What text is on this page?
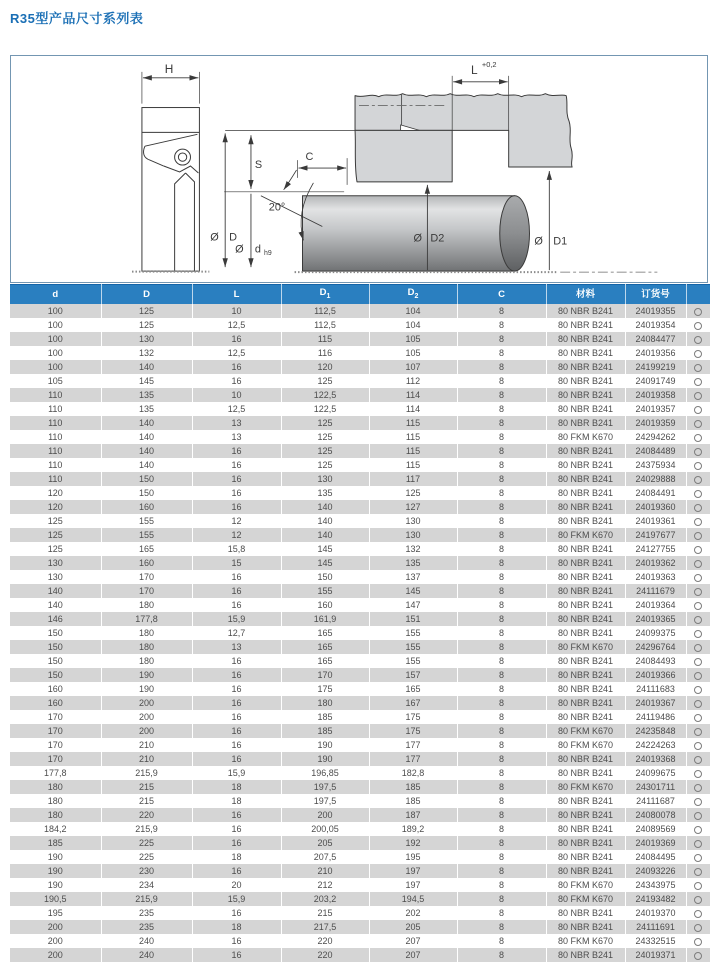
R35型产品尺寸系列表
L +0,2
Ø D2	Ø D1
H
Ø D
S
Ø d $_{h9}$
20°
C
d	D	L	$D_1$	$D_2$	C	材料	订货号	
100	125	10	112,5	104	8	80 NBR B241	24019355	
100	125	12,5	112,5	104	8	80 NBR B241	24019354	
100	130	16	115	105	8	80 NBR B241	24084477	
100	132	12,5	116	105	8	80 NBR B241	24019356	
100	140	16	120	107	8	80 NBR B241	24199219	
105	145	16	125	112	8	80 NBR B241	24091749	
110	135	10	122,5	114	8	80 NBR B241	24019358	
110	135	12,5	122,5	114	8	80 NBR B241	24019357	
110	140	13	125	115	8	80 NBR B241	24019359	
110	140	13	125	115	8	80 FKM K670	24294262	
110	140	16	125	115	8	80 NBR B241	24084489	
110	140	16	125	115	8	80 NBR B241	24375934	
110	150	16	130	117	8	80 NBR B241	24029888	
120	150	16	135	125	8	80 NBR B241	24084491	
120	160	16	140	127	8	80 NBR B241	24019360	
125	155	12	140	130	8	80 NBR B241	24019361	
125	155	12	140	130	8	80 FKM K670	24197677	
125	165	15,8	145	132	8	80 NBR B241	24127755	
130	160	15	145	135	8	80 NBR B241	24019362	
130	170	16	150	137	8	80 NBR B241	24019363	
140	170	16	155	145	8	80 NBR B241	24111679	
140	180	16	160	147	8	80 NBR B241	24019364	
146	177,8	15,9	161,9	151	8	80 NBR B241	24019365	
150	180	12,7	165	155	8	80 NBR B241	24099375	
150	180	13	165	155	8	80 FKM K670	24296764	
150	180	16	165	155	8	80 NBR B241	24084493	
150	190	16	170	157	8	80 NBR B241	24019366	
160	190	16	175	165	8	80 NBR B241	24111683	
160	200	16	180	167	8	80 NBR B241	24019367	
170	200	16	185	175	8	80 NBR B241	24119486	
170	200	16	185	175	8	80 FKM K670	24235848	
170	210	16	190	177	8	80 FKM K670	24224263	
170	210	16	190	177	8	80 NBR B241	24019368	
177,8	215,9	15,9	196,85	182,8	8	80 NBR B241	24099675	
180	215	18	197,5	185	8	80 FKM K670	24301711	
180	215	18	197,5	185	8	80 NBR B241	24111687	
180	220	16	200	187	8	80 NBR B241	24080078	
184,2	215,9	16	200,05	189,2	8	80 NBR B241	24089569	
185	225	16	205	192	8	80 NBR B241	24019369	
190	225	18	207,5	195	8	80 NBR B241	24084495	
190	230	16	210	197	8	80 NBR B241	24093226	
190	234	20	212	197	8	80 FKM K670	24343975	
190,5	215,9	15,9	203,2	194,5	8	80 FKM K670	24193482	
195	235	16	215	202	8	80 NBR B241	24019370	
200	235	18	217,5	205	8	80 NBR B241	24111691	
200	240	16	220	207	8	80 FKM K670	24332515	
200	240	16	220	207	8	80 NBR B241	24019371	
